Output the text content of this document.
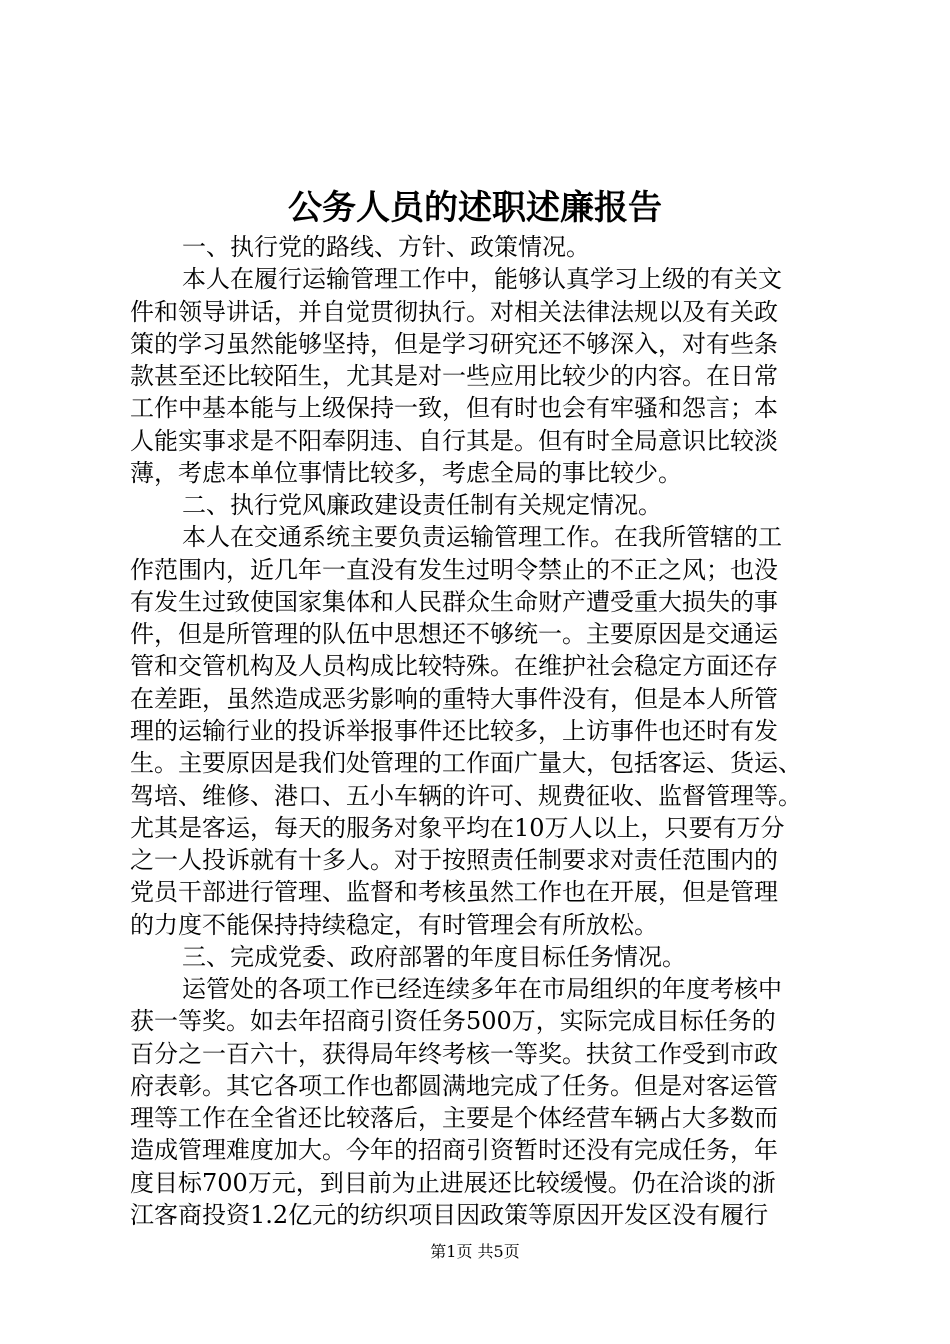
公务人员的述职述廉报告
一、执行党的路线、方针、政策情况。
本人在履行运输管理工作中，能够认真学习上级的有关文
件和领导讲话，并自觉贯彻执行。对相关法律法规以及有关政
策的学习虽然能够坚持，但是学习研究还不够深入，对有些条
款甚至还比较陌生，尤其是对一些应用比较少的内容。在日常
工作中基本能与上级保持一致，但有时也会有牢骚和怨言；本
人能实事求是不阳奉阴违、自行其是。但有时全局意识比较淡
薄，考虑本单位事情比较多，考虑全局的事比较少。
二、执行党风廉政建设责任制有关规定情况。
本人在交通系统主要负责运输管理工作。在我所管辖的工
作范围内，近几年一直没有发生过明令禁止的不正之风；也没
有发生过致使国家集体和人民群众生命财产遭受重大损失的事
件，但是所管理的队伍中思想还不够统一。主要原因是交通运
管和交管机构及人员构成比较特殊。在维护社会稳定方面还存
在差距，虽然造成恶劣影响的重特大事件没有，但是本人所管
理的运输行业的投诉举报事件还比较多，上访事件也还时有发
生。主要原因是我们处管理的工作面广量大，包括客运、货运、
驾培、维修、港口、五小车辆的许可、规费征收、监督管理等。
尤其是客运，每天的服务对象平均在10万人以上，只要有万分
之一人投诉就有十多人。对于按照责任制要求对责任范围内的
党员干部进行管理、监督和考核虽然工作也在开展，但是管理
的力度不能保持持续稳定，有时管理会有所放松。
三、完成党委、政府部署的年度目标任务情况。
运管处的各项工作已经连续多年在市局组织的年度考核中
获一等奖。如去年招商引资任务500万，实际完成目标任务的
百分之一百六十，获得局年终考核一等奖。扶贫工作受到市政
府表彰。其它各项工作也都圆满地完成了任务。但是对客运管
理等工作在全省还比较落后，主要是个体经营车辆占大多数而
造成管理难度加大。今年的招商引资暂时还没有完成任务，年
度目标700万元，到目前为止进展还比较缓慢。仍在洽谈的浙
江客商投资1.2亿元的纺织项目因政策等原因开发区没有履行
第1页 共5页
